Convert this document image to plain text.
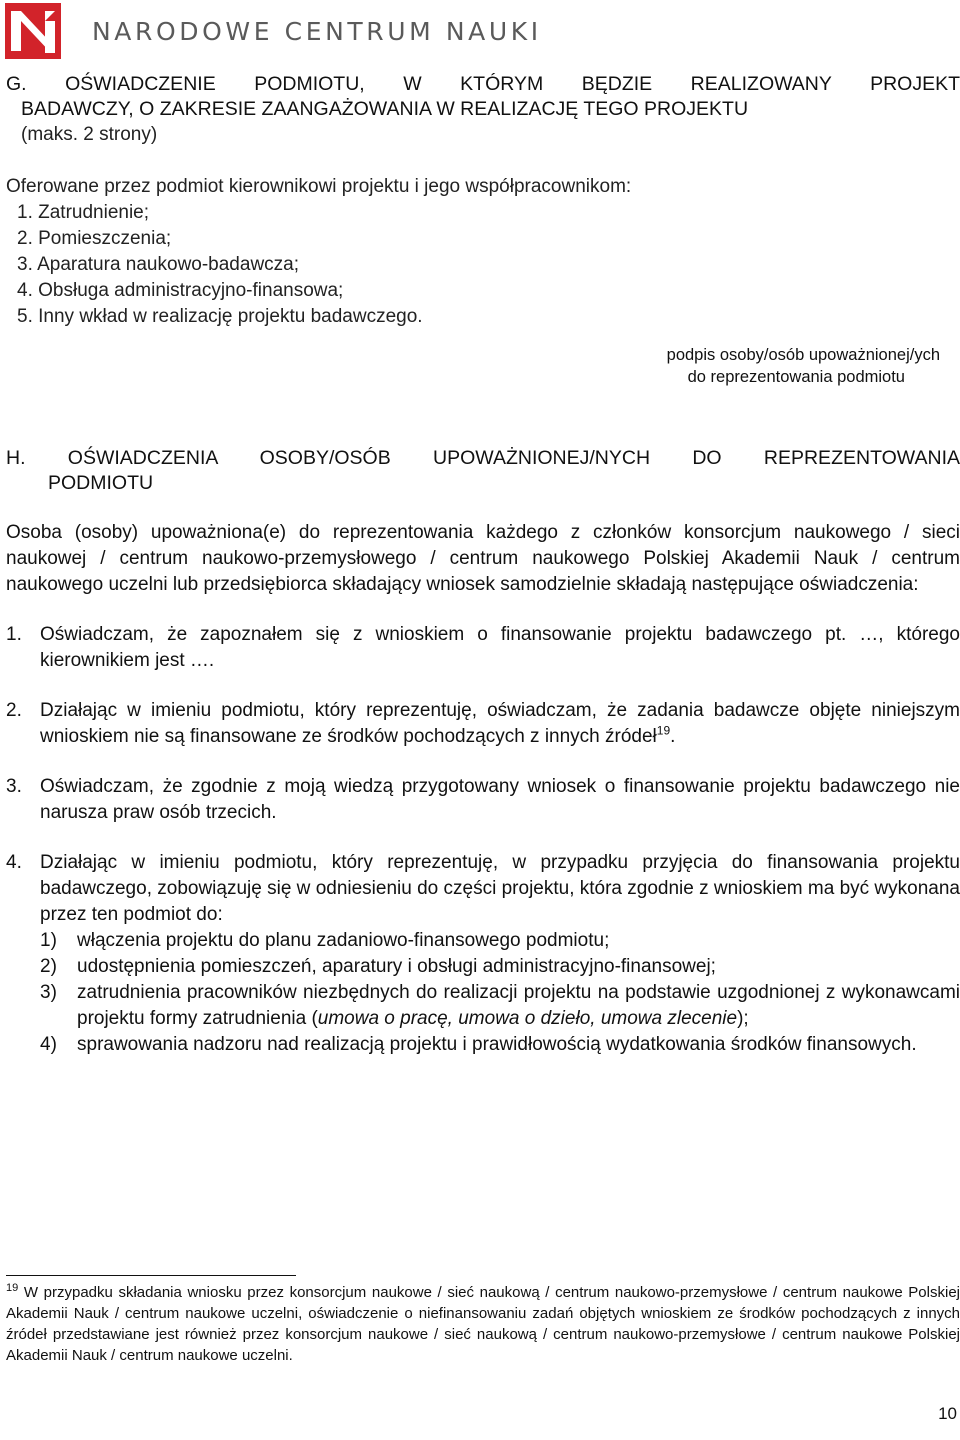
NARODOWE CENTRUM NAUKI

G. OŚWIADCZENIE PODMIOTU, W KTÓRYM BĘDZIE REALIZOWANY PROJEKT

BADAWCZY, O ZAKRESIE ZAANGAŻOWANIA W REALIZACJĘ TEGO PROJEKTU

(maks. 2 strony)

Oferowane przez podmiot kierownikowi projektu i jego współpracownikom:

1. Zatrudnienie;

2. Pomieszczenia;

3. Aparatura naukowo-badawcza;

4. Obsługa administracyjno-finansowa;

5. Inny wkład w realizację projektu badawczego.

podpis osoby/osób upoważnionej/ych
do reprezentowania podmiotu

H. OŚWIADCZENIA OSOBY/OSÓB UPOWAŻNIONEJ/NYCH DO REPREZENTOWANIA

PODMIOTU

Osoba (osoby) upoważniona(e) do reprezentowania każdego z członków konsorcjum naukowego / sieci naukowej / centrum naukowo-przemysłowego / centrum naukowego Polskiej Akademii Nauk / centrum naukowego uczelni lub przedsiębiorca składający wniosek samodzielnie składają następujące oświadczenia:

1. Oświadczam, że zapoznałem się z wnioskiem o finansowanie projektu badawczego pt. …, którego kierownikiem jest ….
2. Działając w imieniu podmiotu, który reprezentuję, oświadczam, że zadania badawcze objęte niniejszym wnioskiem nie są finansowane ze środków pochodzących z innych źródeł$^{19}$.
3. Oświadczam, że zgodnie z moją wiedzą przygotowany wniosek o finansowanie projektu badawczego nie narusza praw osób trzecich.
4. Działając w imieniu podmiotu, który reprezentuję, w przypadku przyjęcia do finansowania projektu badawczego, zobowiązuję się w odniesieniu do części projektu, która zgodnie z wnioskiem ma być wykonana przez ten podmiot do:
1)	włączenia projektu do planu zadaniowo-finansowego podmiotu;
2)	udostępnienia pomieszczeń, aparatury i obsługi administracyjno-finansowej;
3)	zatrudnienia pracowników niezbędnych do realizacji projektu na podstawie uzgodnionej z wykonawcami projektu formy zatrudnienia (umowa o pracę, umowa o dzieło, umowa zlecenie);
4)	sprawowania nadzoru nad realizacją projektu i prawidłowością wydatkowania środków finansowych.
$^{19}$ W przypadku składania wniosku przez konsorcjum naukowe / sieć naukową / centrum naukowo-przemysłowe / centrum naukowe Polskiej Akademii Nauk / centrum naukowe uczelni, oświadczenie o niefinansowaniu zadań objętych wnioskiem ze środków pochodzących z innych źródeł przedstawiane jest również przez konsorcjum naukowe / sieć naukową / centrum naukowo-przemysłowe / centrum naukowe Polskiej Akademii Nauk / centrum naukowe uczelni.
10
